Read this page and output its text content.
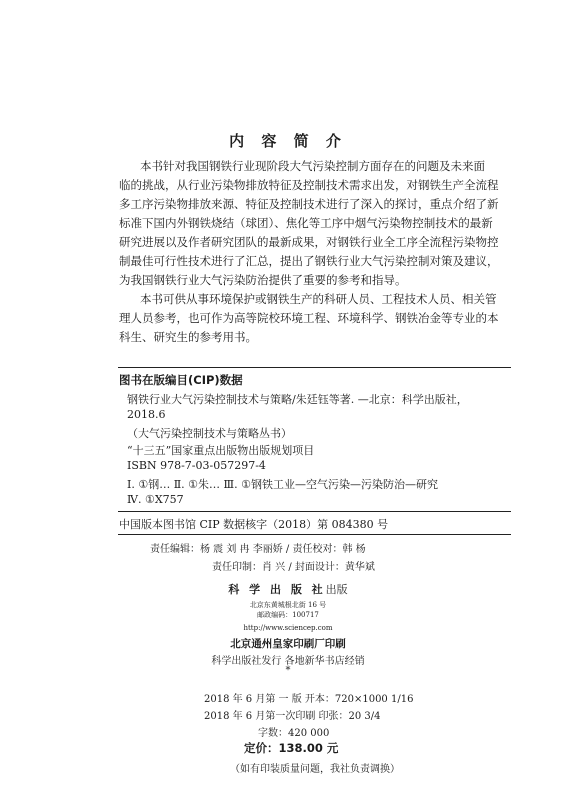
内 容 简 介
本书针对我国钢铁行业现阶段大气污染控制方面存在的问题及未来面
临的挑战，从行业污染物排放特征及控制技术需求出发，对钢铁生产全流程
多工序污染物排放来源、特征及控制技术进行了深入的探讨，重点介绍了新
标准下国内外钢铁烧结（球团）、焦化等工序中烟气污染物控制技术的最新
研究进展以及作者研究团队的最新成果，对钢铁行业全工序全流程污染物控
制最佳可行性技术进行了汇总，提出了钢铁行业大气污染控制对策及建议，
为我国钢铁行业大气污染防治提供了重要的参考和指导。
本书可供从事环境保护或钢铁生产的科研人员、工程技术人员、相关管
理人员参考，也可作为高等院校环境工程、环境科学、钢铁冶金等专业的本
科生、研究生的参考用书。
图书在版编目(CIP)数据
钢铁行业大气污染控制技术与策略/朱廷钰等著. —北京：科学出版社，
2018.6
（大气污染控制技术与策略丛书）
“十三五”国家重点出版物出版规划项目
ISBN 978-7-03-057297-4
Ⅰ. ①钢… Ⅱ. ①朱… Ⅲ. ①钢铁工业—空气污染—污染防治—研究
Ⅳ. ①X757
中国版本图书馆 CIP 数据核字（2018）第 084380 号
责任编辑：杨 震 刘 冉 李丽娇 / 责任校对：韩 杨
责任印制：肖 兴 / 封面设计：黄华斌
科 学 出 版 社出版
北京东黄城根北街 16 号
邮政编码：100717
http://www.sciencep.com
北京通州皇家印刷厂印刷
科学出版社发行 各地新华书店经销
*
2018 年 6 月第 一 版 开本：720×1000 1/16
2018 年 6 月第一次印刷 印张：20 3/4
字数：420 000
定价：138.00 元
（如有印装质量问题，我社负责调换）
